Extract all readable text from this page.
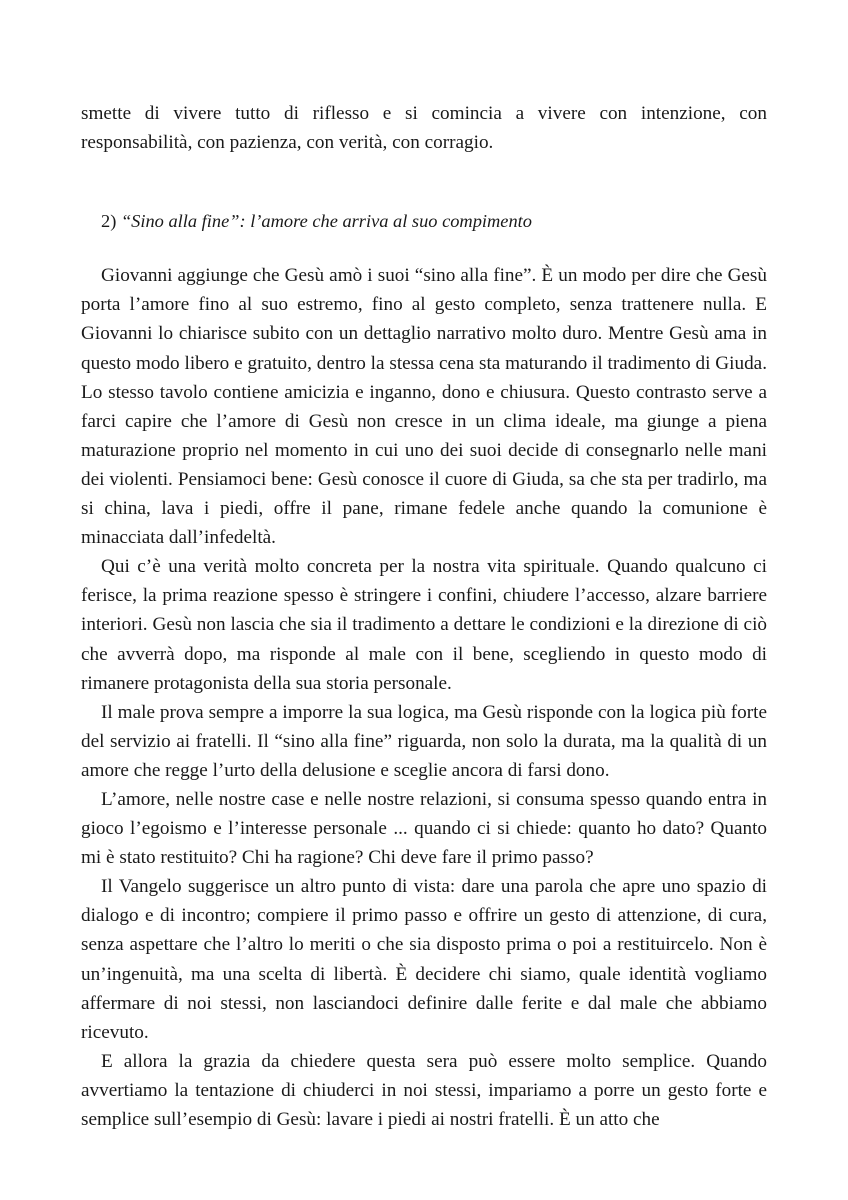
smette di vivere tutto di riflesso e si comincia a vivere con intenzione, con responsabilità, con pazienza, con verità, con corragio.

2) “Sino alla fine”: l’amore che arriva al suo compimento

Giovanni aggiunge che Gesù amò i suoi “sino alla fine”. È un modo per dire che Gesù porta l’amore fino al suo estremo, fino al gesto completo, senza trattenere nulla. E Giovanni lo chiarisce subito con un dettaglio narrativo molto duro. Mentre Gesù ama in questo modo libero e gratuito, dentro la stessa cena sta maturando il tradimento di Giuda. Lo stesso tavolo contiene amicizia e inganno, dono e chiusura. Questo contrasto serve a farci capire che l’amore di Gesù non cresce in un clima ideale, ma giunge a piena maturazione proprio nel momento in cui uno dei suoi decide di consegnarlo nelle mani dei violenti. Pensiamoci bene: Gesù conosce il cuore di Giuda, sa che sta per tradirlo, ma si china, lava i piedi, offre il pane, rimane fedele anche quando la comunione è minacciata dall’infedeltà.

Qui c’è una verità molto concreta per la nostra vita spirituale. Quando qualcuno ci ferisce, la prima reazione spesso è stringere i confini, chiudere l’accesso, alzare barriere interiori. Gesù non lascia che sia il tradimento a dettare le condizioni e la direzione di ciò che avverrà dopo, ma risponde al male con il bene, scegliendo in questo modo di rimanere protagonista della sua storia personale.

Il male prova sempre a imporre la sua logica, ma Gesù risponde con la logica più forte del servizio ai fratelli. Il “sino alla fine” riguarda, non solo la durata, ma la qualità di un amore che regge l’urto della delusione e sceglie ancora di farsi dono.

L’amore, nelle nostre case e nelle nostre relazioni, si consuma spesso quando entra in gioco l’egoismo e l’interesse personale ... quando ci si chiede: quanto ho dato? Quanto mi è stato restituito? Chi ha ragione? Chi deve fare il primo passo?

Il Vangelo suggerisce un altro punto di vista: dare una parola che apre uno spazio di dialogo e di incontro; compiere il primo passo e offrire un gesto di attenzione, di cura, senza aspettare che l’altro lo meriti o che sia disposto prima o poi a restituircelo. Non è un’ingenuità, ma una scelta di libertà. È decidere chi siamo, quale identità vogliamo affermare di noi stessi, non lasciandoci definire dalle ferite e dal male che abbiamo ricevuto.

E allora la grazia da chiedere questa sera può essere molto semplice. Quando avvertiamo la tentazione di chiuderci in noi stessi, impariamo a porre un gesto forte e semplice sull’esempio di Gesù: lavare i piedi ai nostri fratelli. È un atto che
